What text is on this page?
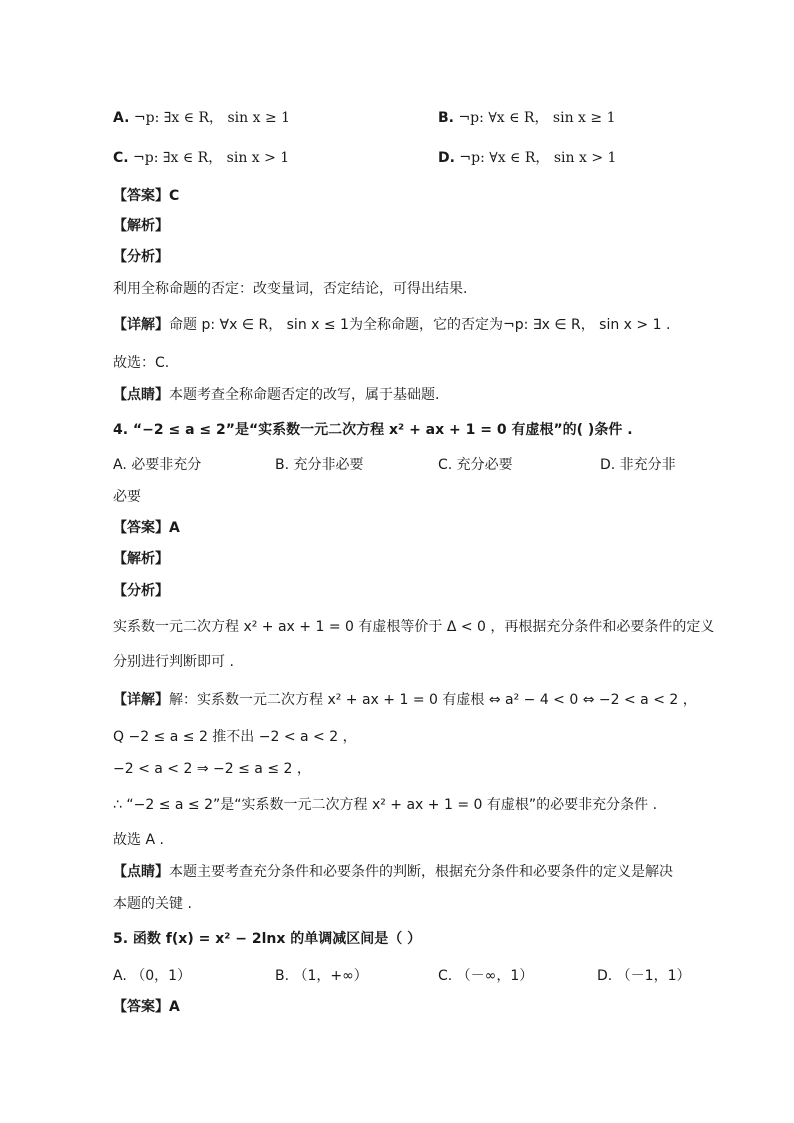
A. ¬p: ∃x ∈ R， sin x ≥ 1	B. ¬p: ∀x ∈ R， sin x ≥ 1
C. ¬p: ∃x ∈ R， sin x > 1	D. ¬p: ∀x ∈ R， sin x > 1
【答案】C
【解析】
【分析】
利用全称命题的否定：改变量词，否定结论，可得出结果.
【详解】命题 p: ∀x ∈ R， sin x ≤ 1为全称命题，它的否定为¬p: ∃x ∈ R， sin x > 1 .
故选：C.
【点睛】本题考查全称命题否定的改写，属于基础题.
4. “−2 ≤ a ≤ 2”是“实系数一元二次方程 x² + ax + 1 = 0 有虚根”的( )条件 .
A. 必要非充分	B. 充分非必要	C. 充分必要	D. 非充分非
必要
【答案】A
【解析】
【分析】
实系数一元二次方程 x² + ax + 1 = 0 有虚根等价于 Δ < 0 ，再根据充分条件和必要条件的定义
分别进行判断即可 .
【详解】解：实系数一元二次方程 x² + ax + 1 = 0 有虚根 ⇔ a² − 4 < 0 ⇔ −2 < a < 2 ，
Q −2 ≤ a ≤ 2 推不出 −2 < a < 2 ，
−2 < a < 2 ⇒ −2 ≤ a ≤ 2 ，
∴ “−2 ≤ a ≤ 2”是“实系数一元二次方程 x² + ax + 1 = 0 有虚根”的必要非充分条件 .
故选 A .
【点睛】本题主要考查充分条件和必要条件的判断，根据充分条件和必要条件的定义是解决
本题的关键 .
5. 函数 f(x) = x² − 2lnx 的单调减区间是（ ）
A. （0，1）	B. （1，+∞）	C. （－∞，1）	D. （－1，1）
【答案】A
